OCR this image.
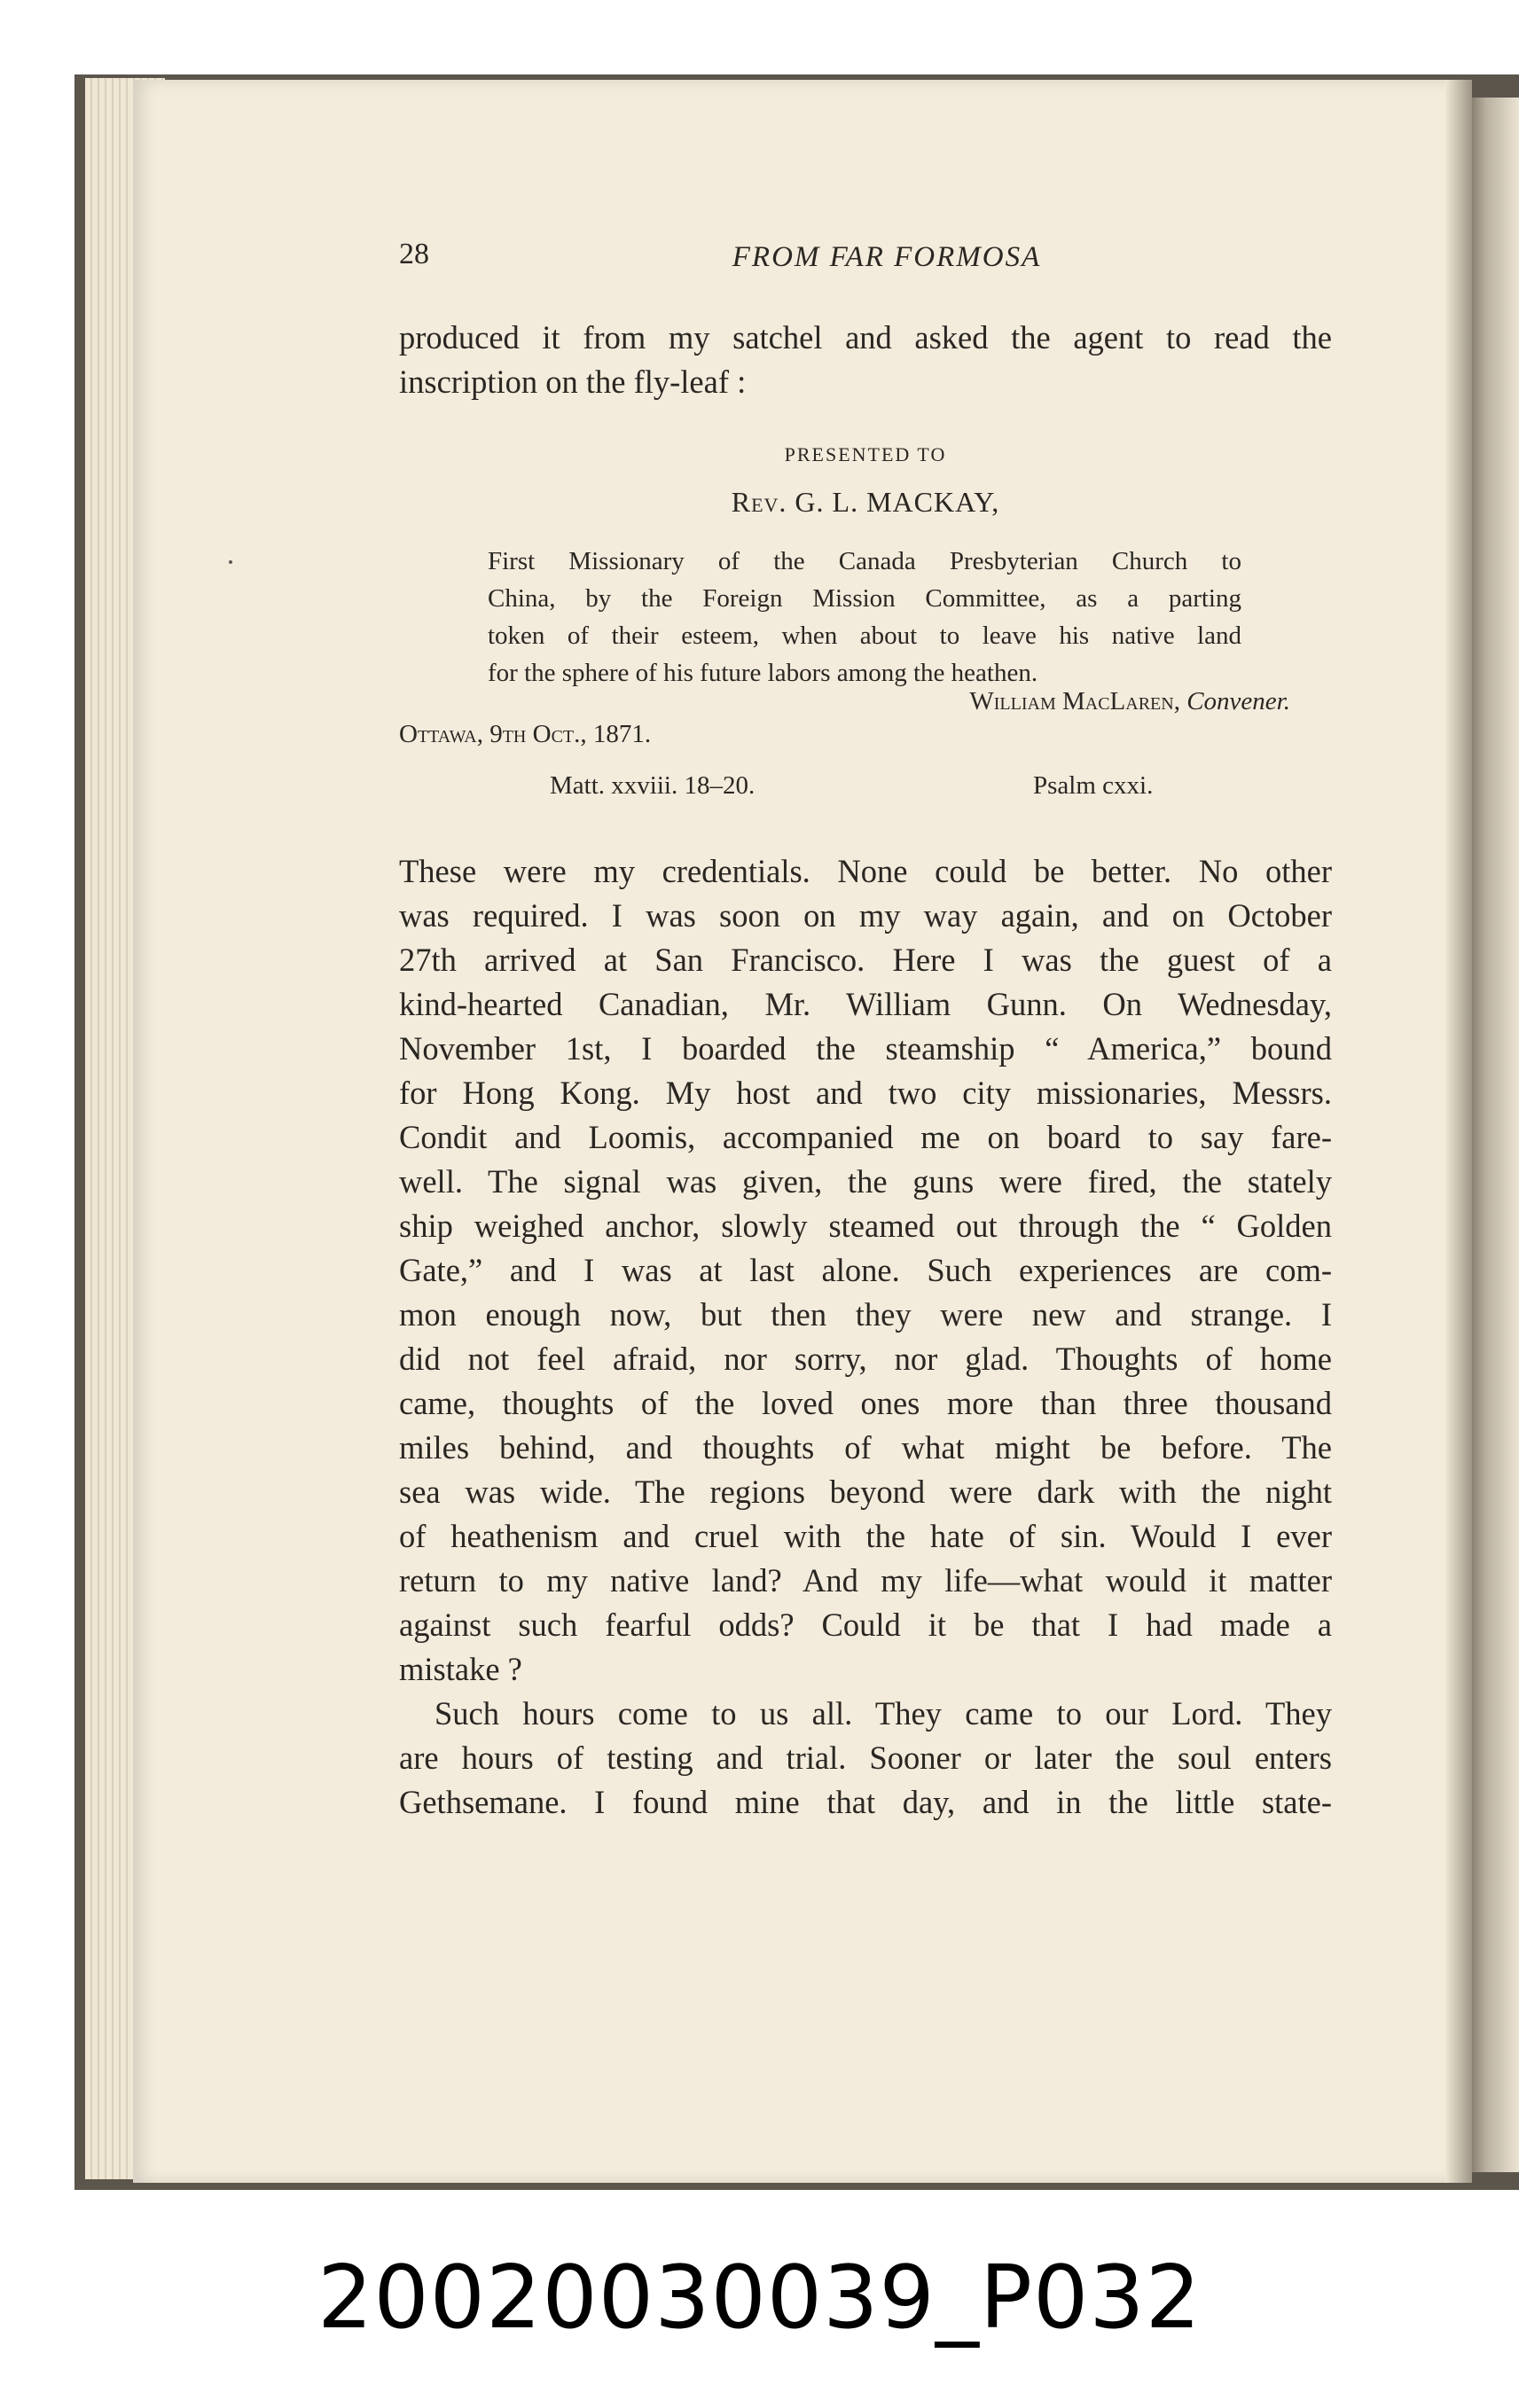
28	FROM FAR FORMOSA
produced it from my satchel and asked the agent to read the
inscription on the fly-leaf :
PRESENTED TO
Rev. G. L. MACKAY,
First Missionary of the Canada Presbyterian Church to
China, by the Foreign Mission Committee, as a parting
token of their esteem, when about to leave his native land
for the sphere of his future labors among the heathen.
William MacLaren, Convener.
Ottawa, 9th Oct., 1871.
Matt. xxviii. 18–20.	Psalm cxxi.
These were my credentials. None could be better. No other
was required. I was soon on my way again, and on October
27th arrived at San Francisco. Here I was the guest of a
kind-hearted Canadian, Mr. William Gunn. On Wednesday,
November 1st, I boarded the steamship “ America,” bound
for Hong Kong. My host and two city missionaries, Messrs.
Condit and Loomis, accompanied me on board to say fare-
well. The signal was given, the guns were fired, the stately
ship weighed anchor, slowly steamed out through the “ Golden
Gate,” and I was at last alone. Such experiences are com-
mon enough now, but then they were new and strange. I
did not feel afraid, nor sorry, nor glad. Thoughts of home
came, thoughts of the loved ones more than three thousand
miles behind, and thoughts of what might be before. The
sea was wide. The regions beyond were dark with the night
of heathenism and cruel with the hate of sin. Would I ever
return to my native land? And my life—what would it matter
against such fearful odds? Could it be that I had made a
mistake ?
Such hours come to us all. They came to our Lord. They
are hours of testing and trial. Sooner or later the soul enters
Gethsemane. I found mine that day, and in the little state-
20020030039_P032
